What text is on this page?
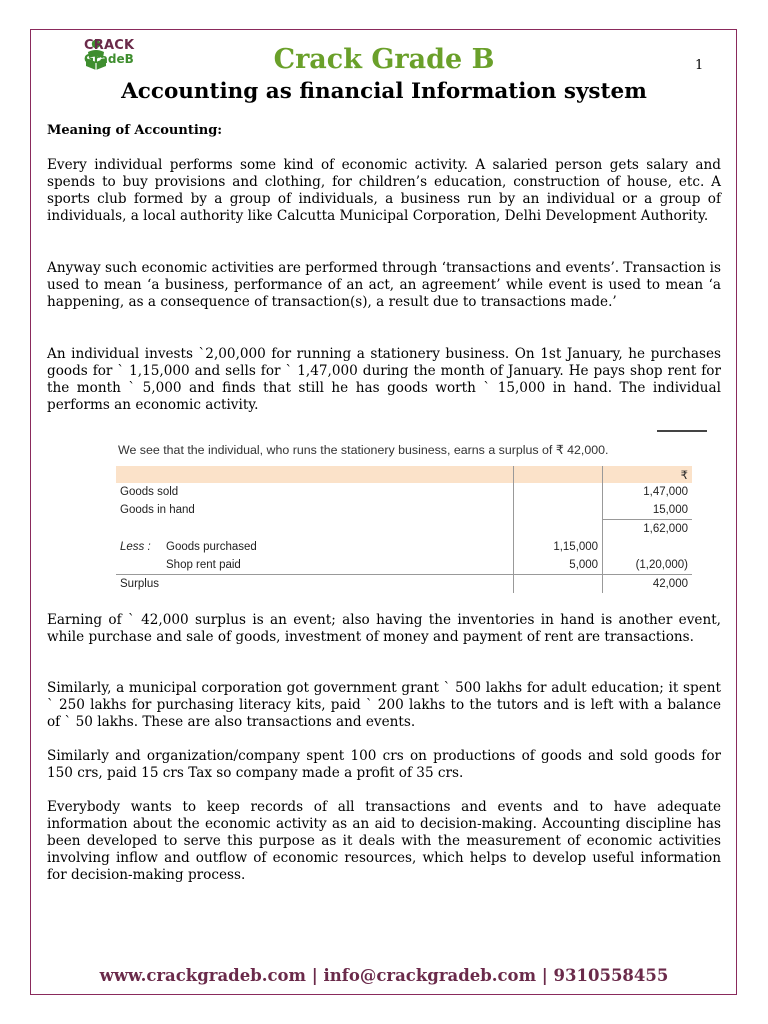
CRACK
GradeB	Crack Grade B	1
Accounting as financial Information system
Meaning of Accounting:
Every individual performs some kind of economic activity. A salaried person gets salary and spends to buy provisions and clothing, for children’s education, construction of house, etc. A sports club formed by a group of individuals, a business run by an individual or a group of individuals, a local authority like Calcutta Municipal Corporation, Delhi Development Authority.
Anyway such economic activities are performed through ‘transactions and events’. Transaction is used to mean ‘a business, performance of an act, an agreement’ while event is used to mean ‘a happening, as a consequence of transaction(s), a result due to transactions made.’
An individual invests `2,00,000 for running a stationery business. On 1st January, he purchases goods for ` 1,15,000 and sells for ` 1,47,000 during the month of January. He pays shop rent for the month ` 5,000 and finds that still he has goods worth ` 15,000 in hand. The individual performs an economic activity.
We see that the individual, who runs the stationery business, earns a surplus of ₹ 42,000.
		₹
Goods sold		1,47,000
Goods in hand		15,000
		1,62,000
Less : Goods purchased	1,15,000	
Shop rent paid	5,000	(1,20,000)
Surplus		42,000
Earning of ` 42,000 surplus is an event; also having the inventories in hand is another event, while purchase and sale of goods, investment of money and payment of rent are transactions.
Similarly, a municipal corporation got government grant ` 500 lakhs for adult education; it spent ` 250 lakhs for purchasing literacy kits, paid ` 200 lakhs to the tutors and is left with a balance of ` 50 lakhs. These are also transactions and events.
Similarly and organization/company spent 100 crs on productions of goods and sold goods for 150 crs, paid 15 crs Tax so company made a profit of 35 crs.
Everybody wants to keep records of all transactions and events and to have adequate information about the economic activity as an aid to decision-making. Accounting discipline has been developed to serve this purpose as it deals with the measurement of economic activities involving inflow and outflow of economic resources, which helps to develop useful information for decision-making process.
www.crackgradeb.com | info@crackgradeb.com | 9310558455
